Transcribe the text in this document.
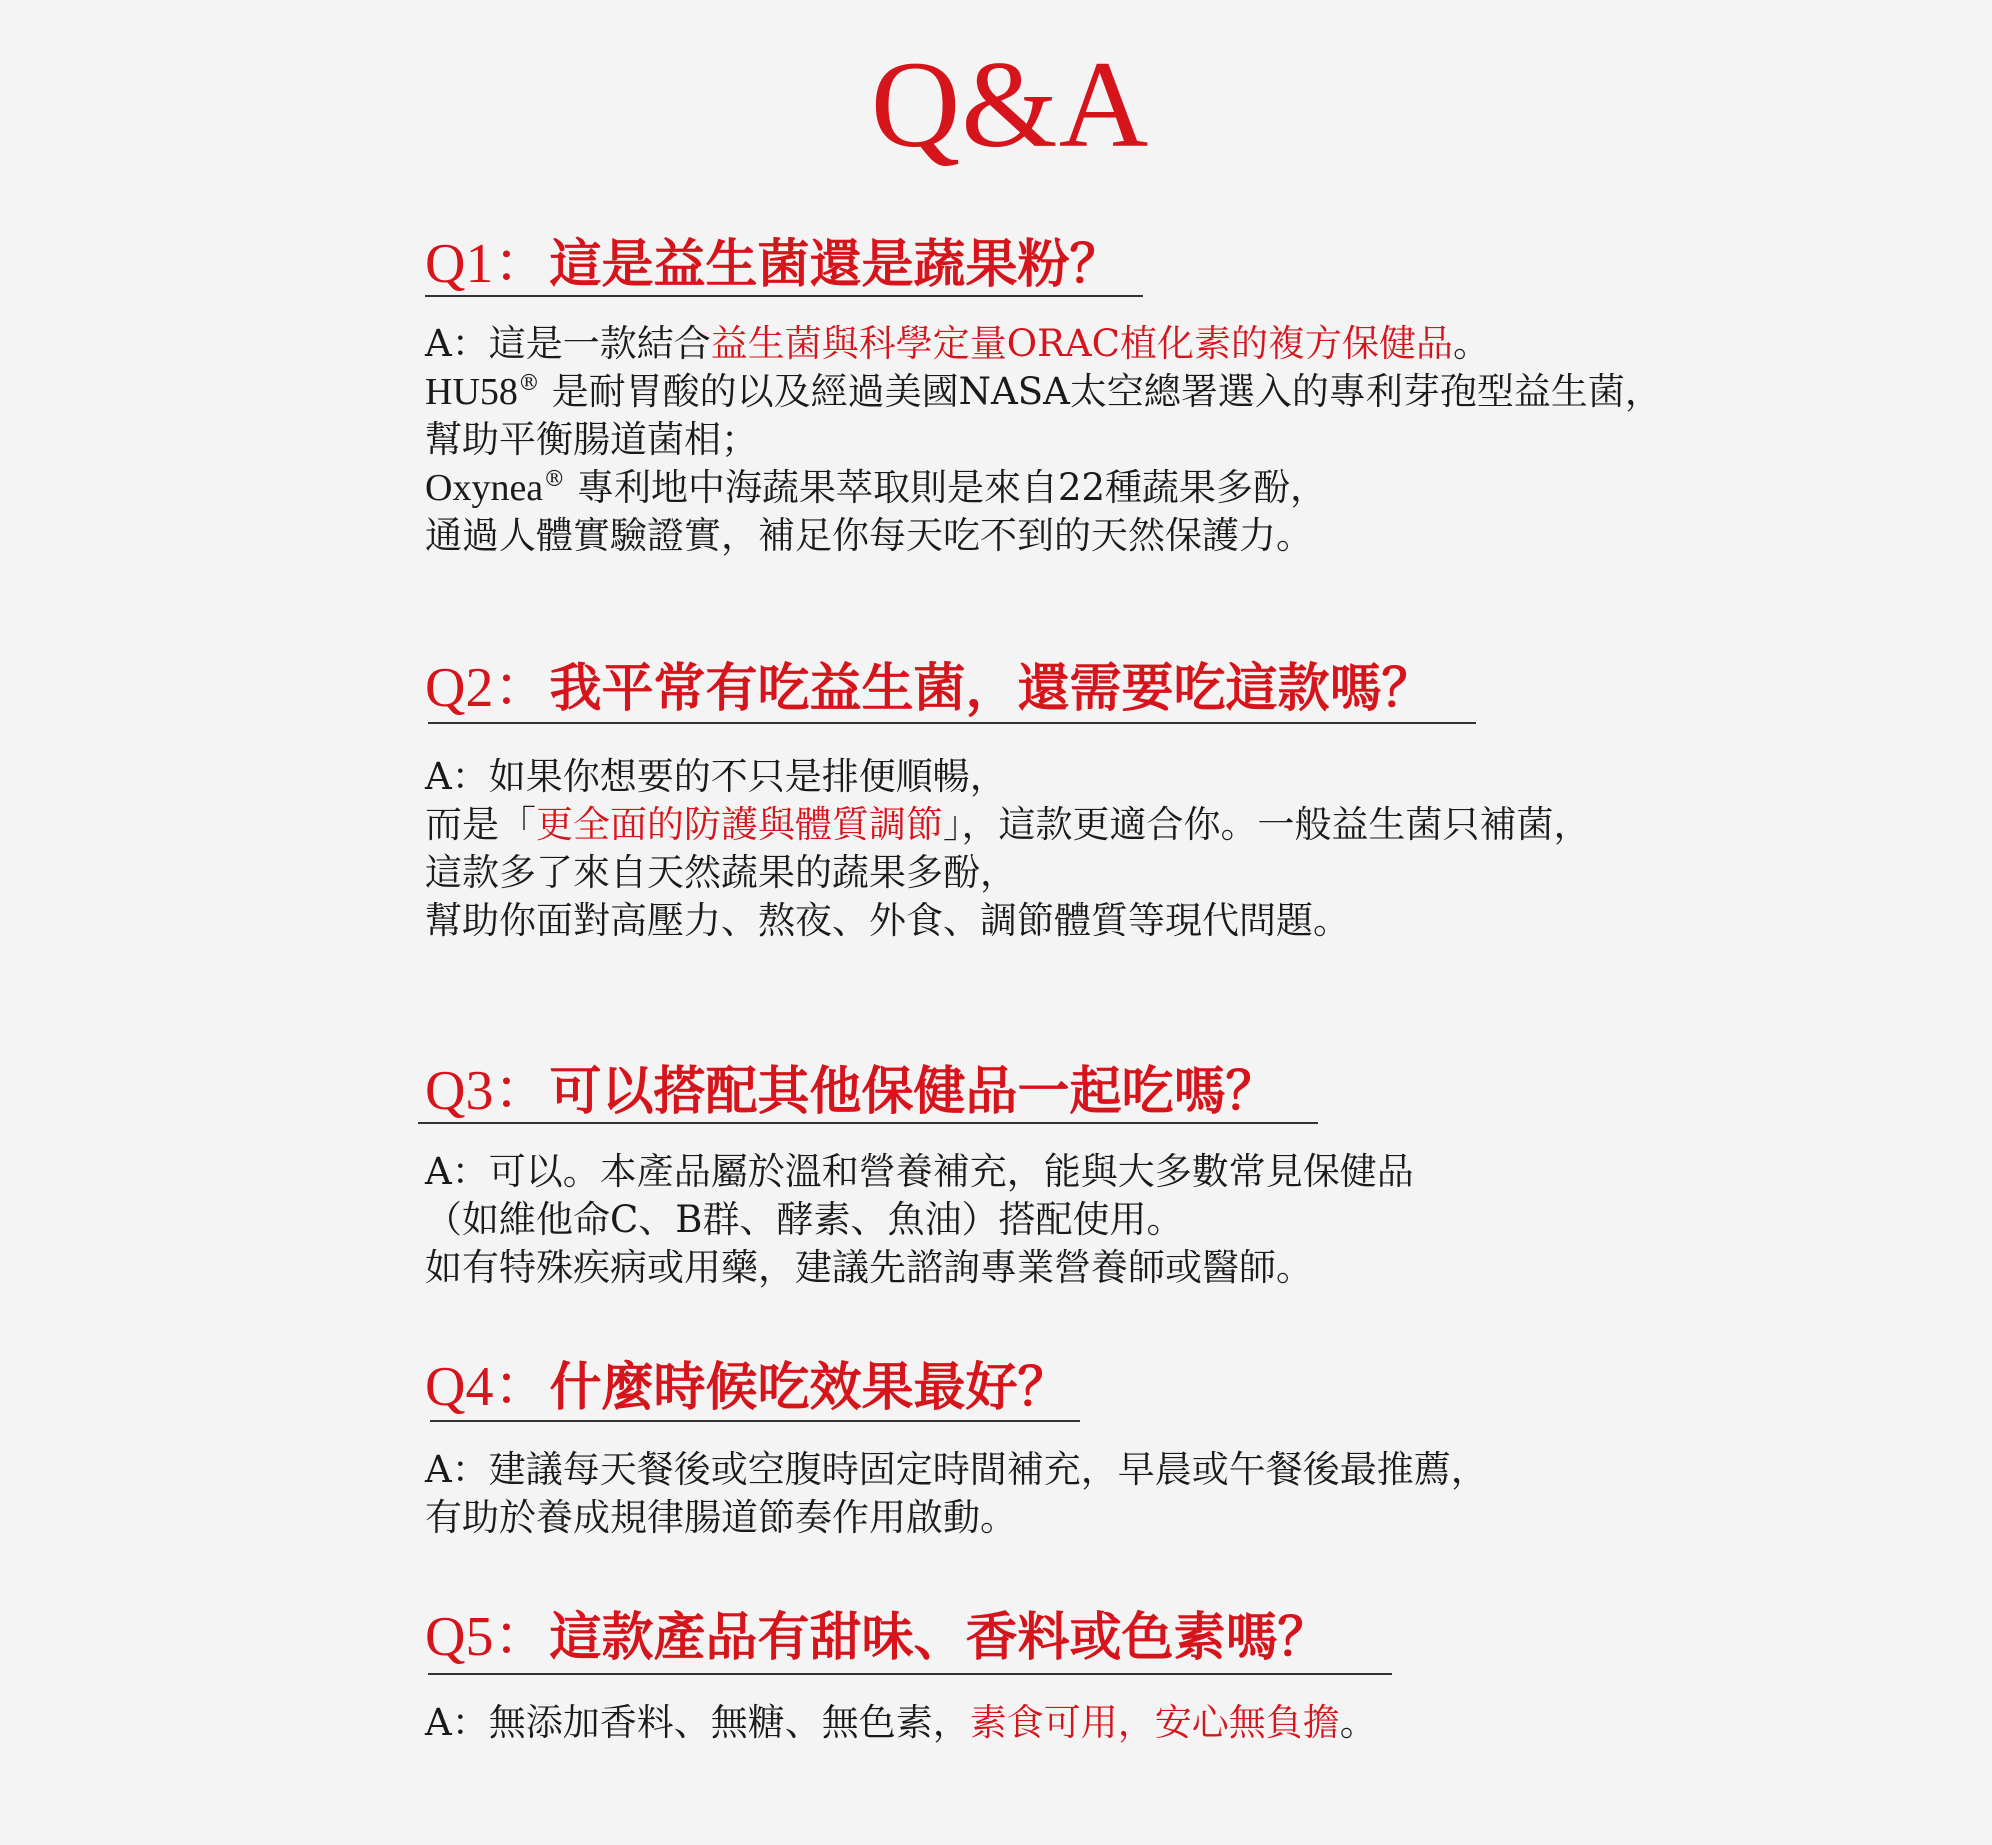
Q&A
Q1：這是益生菌還是蔬果粉？
A：這是一款結合益生菌與科學定量ORAC植化素的複方保健品。
HU58® 是耐胃酸的以及經過美國NASA太空總署選入的專利芽孢型益生菌，
幫助平衡腸道菌相；
Oxynea® 專利地中海蔬果萃取則是來自22種蔬果多酚，
通過人體實驗證實，補足你每天吃不到的天然保護力。
Q2：我平常有吃益生菌，還需要吃這款嗎？
A：如果你想要的不只是排便順暢，
而是「更全面的防護與體質調節」，這款更適合你。一般益生菌只補菌，
這款多了來自天然蔬果的蔬果多酚，
幫助你面對高壓力、熬夜、外食、調節體質等現代問題。
Q3：可以搭配其他保健品一起吃嗎？
A：可以。本產品屬於溫和營養補充，能與大多數常見保健品
（如維他命C、B群、酵素、魚油）搭配使用。
如有特殊疾病或用藥，建議先諮詢專業營養師或醫師。
Q4：什麼時候吃效果最好？
A：建議每天餐後或空腹時固定時間補充，早晨或午餐後最推薦，
有助於養成規律腸道節奏作用啟動。
Q5：這款產品有甜味、香料或色素嗎？
A：無添加香料、無糖、無色素，素食可用，安心無負擔。
